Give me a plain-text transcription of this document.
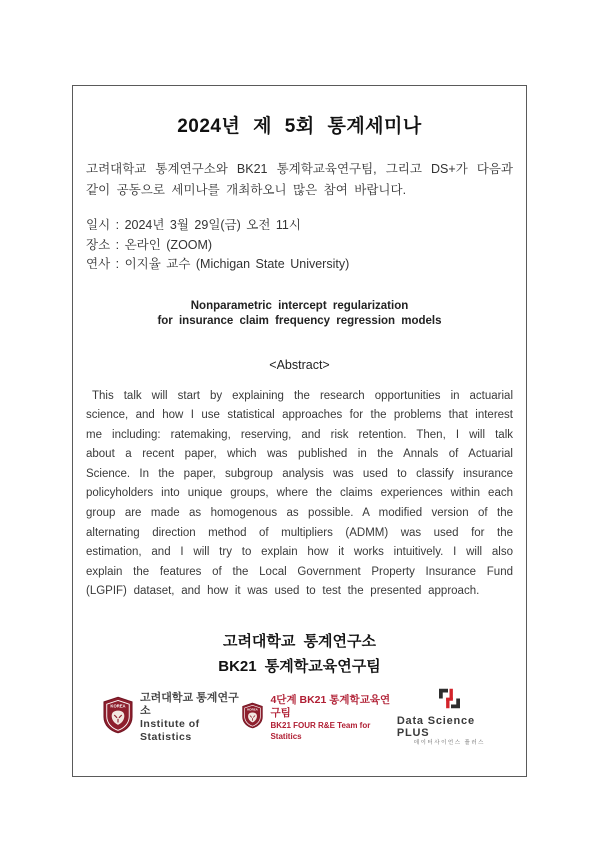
2024년 제 5회 통계세미나

고려대학교 통계연구소와 BK21 통계학교육연구팀, 그리고 DS+가 다음과 같이 공동으로 세미나를 개최하오니 많은 참여 바랍니다.

일시 : 2024년 3월 29일(금) 오전 11시
장소 : 온라인 (ZOOM)
연사 : 이지율 교수 (Michigan State University)
Nonparametric intercept regularization
for insurance claim frequency regression models
<Abstract>

This talk will start by explaining the research opportunities in actuarial science, and how I use statistical approaches for the problems that interest me including: ratemaking, reserving, and risk retention. Then, I will talk about a recent paper, which was published in the Annals of Actuarial Science. In the paper, subgroup analysis was used to classify insurance policyholders into unique groups, where the claims experiences within each group are made as homogenous as possible. A modified version of the alternating direction method of multipliers (ADMM) was used for the estimation, and I will try to explain how it works intuitively. I will also explain the features of the Local Government Property Insurance Fund (LGPIF) dataset, and how it was used to test the presented approach.

고려대학교 통계연구소
BK21 통계학교육연구팀
KOREA
고려대학교 통계연구소
Institute of Statistics
KOREA
4단계 BK21 통계학교육연구팀
BK21 FOUR R&E Team for Statitics
Data Science PLUS
데이터사이언스 플러스
